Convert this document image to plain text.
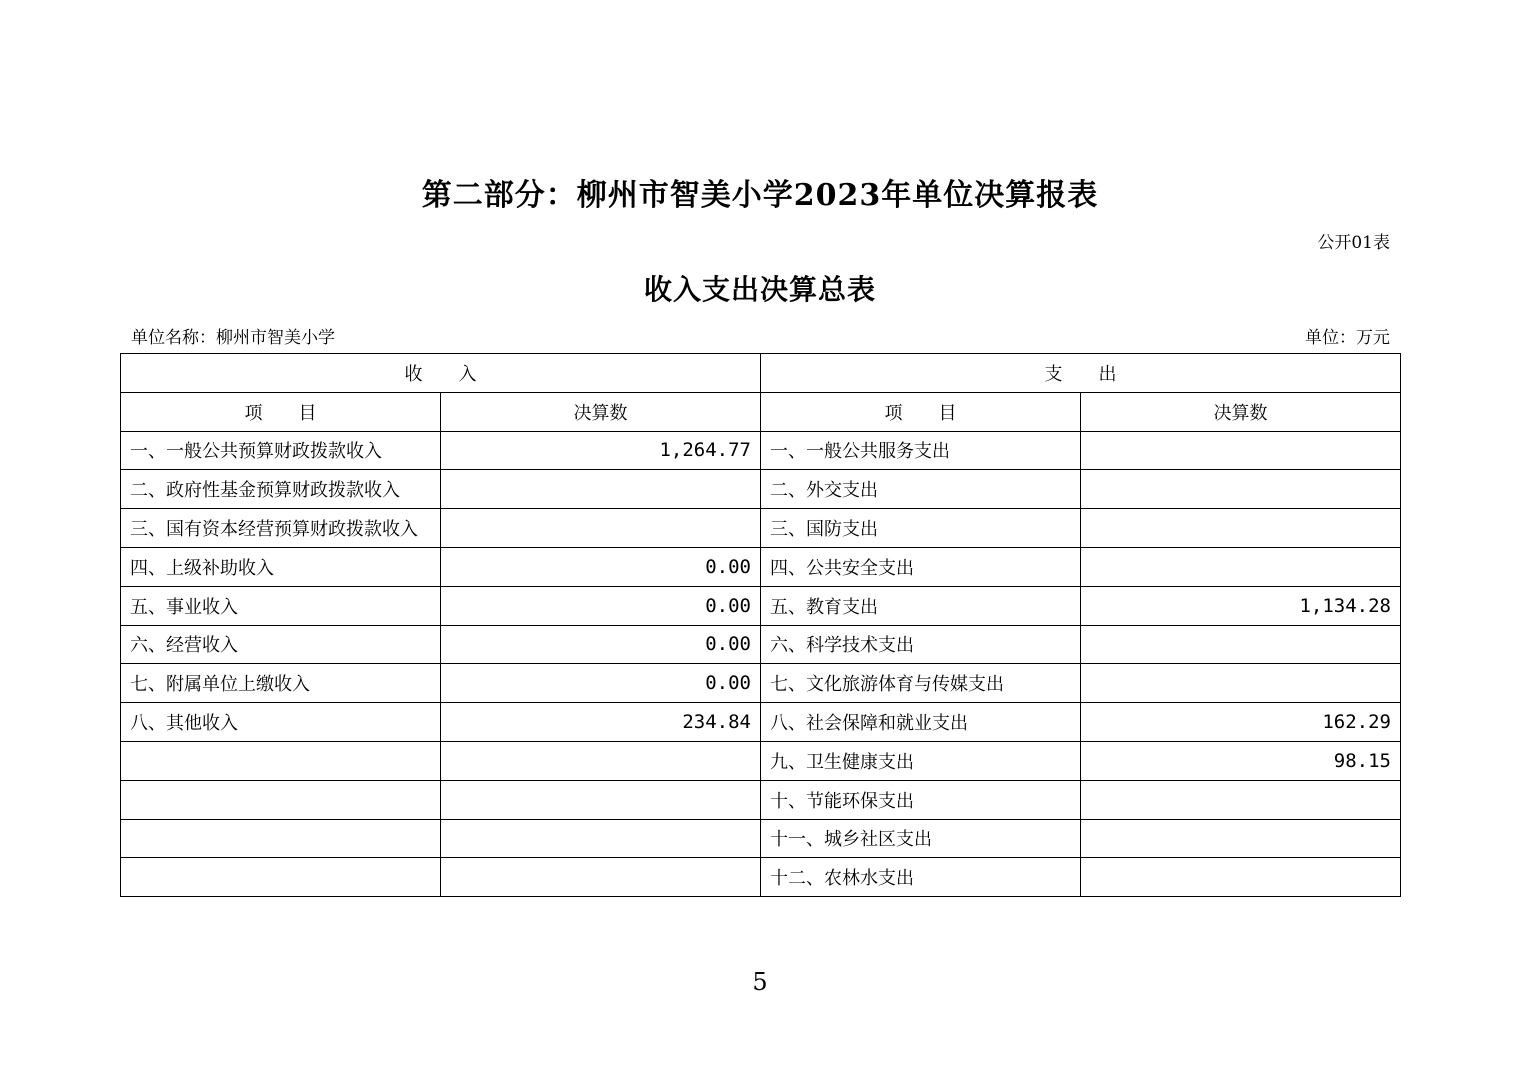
第二部分：柳州市智美小学2023年单位决算报表
公开01表
收入支出决算总表
单位名称：柳州市智美小学	单位：万元
收　　入		支　　出	
项　　目	决算数	项　　目	决算数
一、一般公共预算财政拨款收入	1,264.77	一、一般公共服务支出	
二、政府性基金预算财政拨款收入		二、外交支出	
三、国有资本经营预算财政拨款收入		三、国防支出	
四、上级补助收入	0.00	四、公共安全支出	
五、事业收入	0.00	五、教育支出	1,134.28
六、经营收入	0.00	六、科学技术支出	
七、附属单位上缴收入	0.00	七、文化旅游体育与传媒支出	
八、其他收入	234.84	八、社会保障和就业支出	162.29
		九、卫生健康支出	98.15
		十、节能环保支出	
		十一、城乡社区支出	
		十二、农林水支出	
5
